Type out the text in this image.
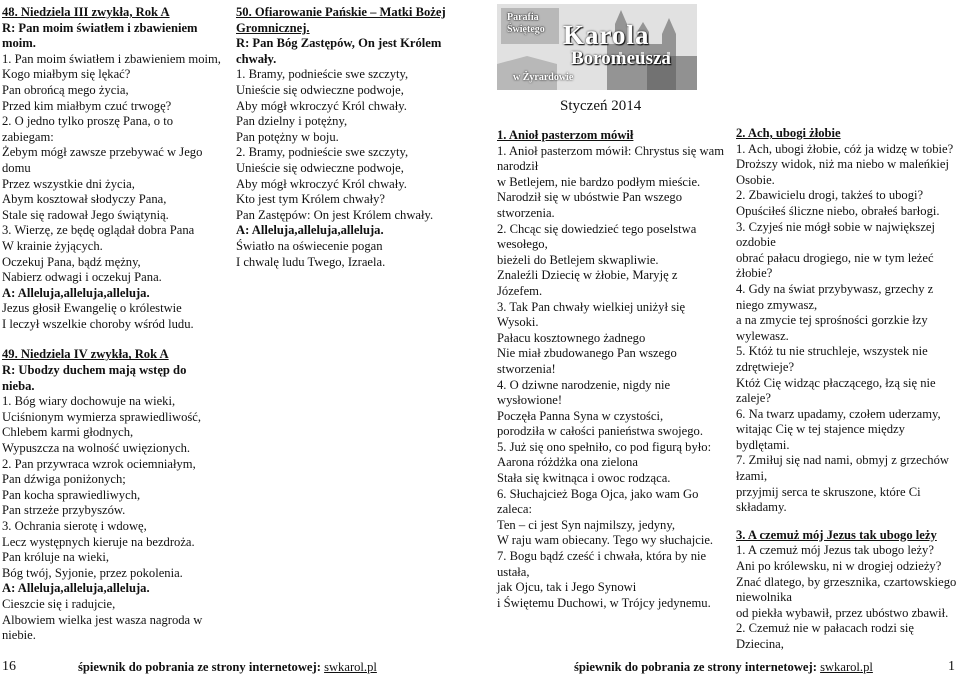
48. Niedziela III zwykła, Rok A

R: Pan moim światłem i zbawieniem moim.

1. Pan moim światłem i zbawieniem moim,

Kogo miałbym się lękać?

Pan obrońcą mego życia,

Przed kim miałbym czuć trwogę?

2. O jedno tylko proszę Pana, o to zabiegam:

Żebym mógł zawsze przebywać w Jego domu

Przez wszystkie dni życia,

Abym kosztował słodyczy Pana,

Stale się radował Jego świątynią.

3. Wierzę, ze będę oglądał dobra Pana

W krainie żyjących.

Oczekuj Pana, bądź mężny,

Nabierz odwagi i oczekuj Pana.

A: Alleluja,alleluja,alleluja.

Jezus głosił Ewangelię o królestwie

I leczył wszelkie choroby wśród ludu.

49. Niedziela IV zwykła, Rok A

R: Ubodzy duchem mają wstęp do nieba.

1. Bóg wiary dochowuje na wieki,

Uciśnionym wymierza sprawiedliwość,

Chlebem karmi głodnych,

Wypuszcza na wolność uwięzionych.

2. Pan przywraca wzrok ociemniałym,

Pan dźwiga poniżonych;

Pan kocha sprawiedliwych,

Pan strzeże przybyszów.

3. Ochrania sierotę i wdowę,

Lecz występnych kieruje na bezdroża.

Pan króluje na wieki,

Bóg twój, Syjonie, przez pokolenia.

A: Alleluja,alleluja,alleluja.

Cieszcie się i radujcie,

Albowiem wielka jest wasza nagroda w niebie.

50. Ofiarowanie Pańskie – Matki Bożej Gromnicznej.

R: Pan Bóg Zastępów, On jest Królem chwały.

1. Bramy, podnieście swe szczyty,

Unieście się odwieczne podwoje,

Aby mógł wkroczyć Król chwały.

Pan dzielny i potężny,

Pan potężny w boju.

2. Bramy, podnieście swe szczyty,

Unieście się odwieczne podwoje,

Aby mógł wkroczyć Król chwały.

Kto jest tym Królem chwały?

Pan Zastępów: On jest Królem chwały.

A: Alleluja,alleluja,alleluja.

Światło na oświecenie pogan

I chwalę ludu Twego, Izraela.

Parafia
Świętego Karola
Boromeusza
w Żyrardowie
Styczeń 2014

1. Anioł pasterzom mówił

1. Anioł pasterzom mówił: Chrystus się wam narodził

w Betlejem, nie bardzo podłym mieście.

Narodził się w ubóstwie Pan wszego stworzenia.

2. Chcąc się dowiedzieć tego poselstwa wesołego,

bieżeli do Betlejem skwapliwie.

Znaleźli Dziecię w żłobie, Maryję z Józefem.

3. Tak Pan chwały wielkiej uniżył się Wysoki.

Pałacu kosztownego żadnego

Nie miał zbudowanego Pan wszego stworzenia!

4. O dziwne narodzenie, nigdy nie wysłowione!

Poczęła Panna Syna w czystości,

porodziła w całości panieństwa swojego.

5. Już się ono spełniło, co pod figurą było:

Aarona różdżka ona zielona

Stała się kwitnąca i owoc rodząca.

6. Słuchajcież Boga Ojca, jako wam Go zaleca:

Ten – ci jest Syn najmilszy, jedyny,

W raju wam obiecany. Tego wy słuchajcie.

7. Bogu bądź cześć i chwała, która by nie ustała,

jak Ojcu, tak i Jego Synowi

i Świętemu Duchowi, w Trójcy jedynemu.

2. Ach, ubogi żłobie

1. Ach, ubogi żłobie, cóż ja widzę w tobie?

Droższy widok, niż ma niebo w maleńkiej Osobie.

2. Zbawicielu drogi, takżeś to ubogi?

Opuściłeś śliczne niebo, obrałeś barłogi.

3. Czyjeś nie mógł sobie w największej ozdobie

obrać pałacu drogiego, nie w tym leżeć żłobie?

4. Gdy na świat przybywasz, grzechy z niego zmywasz,

a na zmycie tej sprośności gorzkie łzy wylewasz.

5. Któż tu nie struchleje, wszystek nie zdrętwieje?

Któż Cię widząc płaczącego, łzą się nie zaleje?

6. Na twarz upadamy, czołem uderzamy,

witając Cię w tej stajence między bydlętami.

7. Zmiłuj się nad nami, obmyj z grzechów łzami,

przyjmij serca te skruszone, które Ci składamy.

3. A czemuż mój Jezus tak ubogo leży

1. A czemuż mój Jezus tak ubogo leży?

Ani po królewsku, ni w drogiej odzieży?

Znać dlatego, by grzesznika, czartowskiego niewolnika

od piekła wybawił, przez ubóstwo zbawił.

2. Czemuż nie w pałacach rodzi się Dziecina,

16	śpiewnik do pobrania ze strony internetowej: swkarol.pl	śpiewnik do pobrania ze strony internetowej: swkarol.pl	1
